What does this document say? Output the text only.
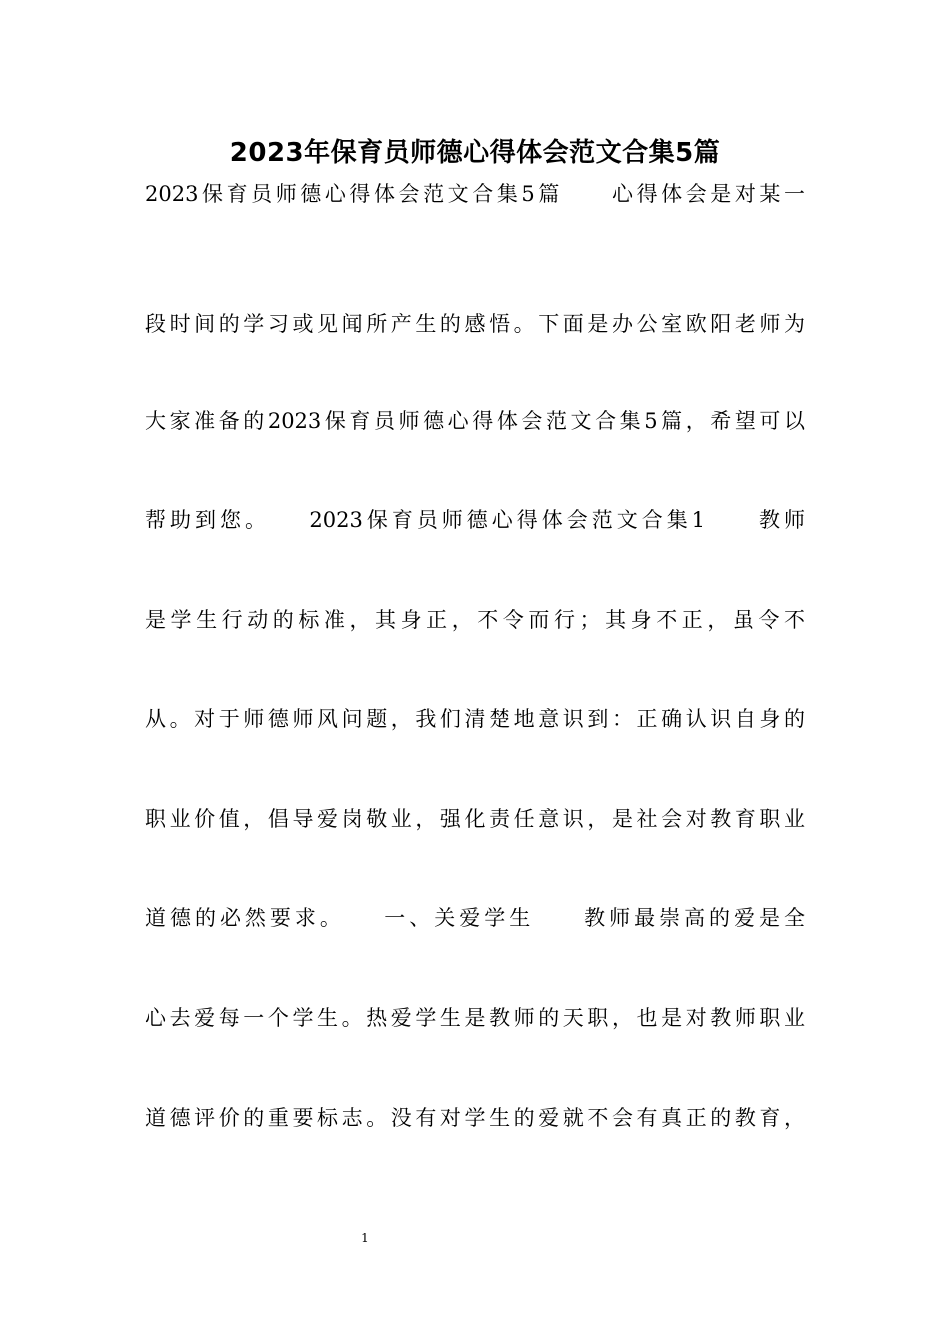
2023年保育员师德心得体会范文合集5篇
2023保育员师德心得体会范文合集5篇　　心得体会是对某一
段时间的学习或见闻所产生的感悟。下面是办公室欧阳老师为
大家准备的2023保育员师德心得体会范文合集5篇，希望可以
帮助到您。　　2023保育员师德心得体会范文合集1　　教师
是学生行动的标准，其身正，不令而行；其身不正，虽令不
从。对于师德师风问题，我们清楚地意识到：正确认识自身的
职业价值，倡导爱岗敬业，强化责任意识，是社会对教育职业
道德的必然要求。　　一、关爱学生　　教师最崇高的爱是全
心去爱每一个学生。热爱学生是教师的天职，也是对教师职业
道德评价的重要标志。没有对学生的爱就不会有真正的教育，
1
